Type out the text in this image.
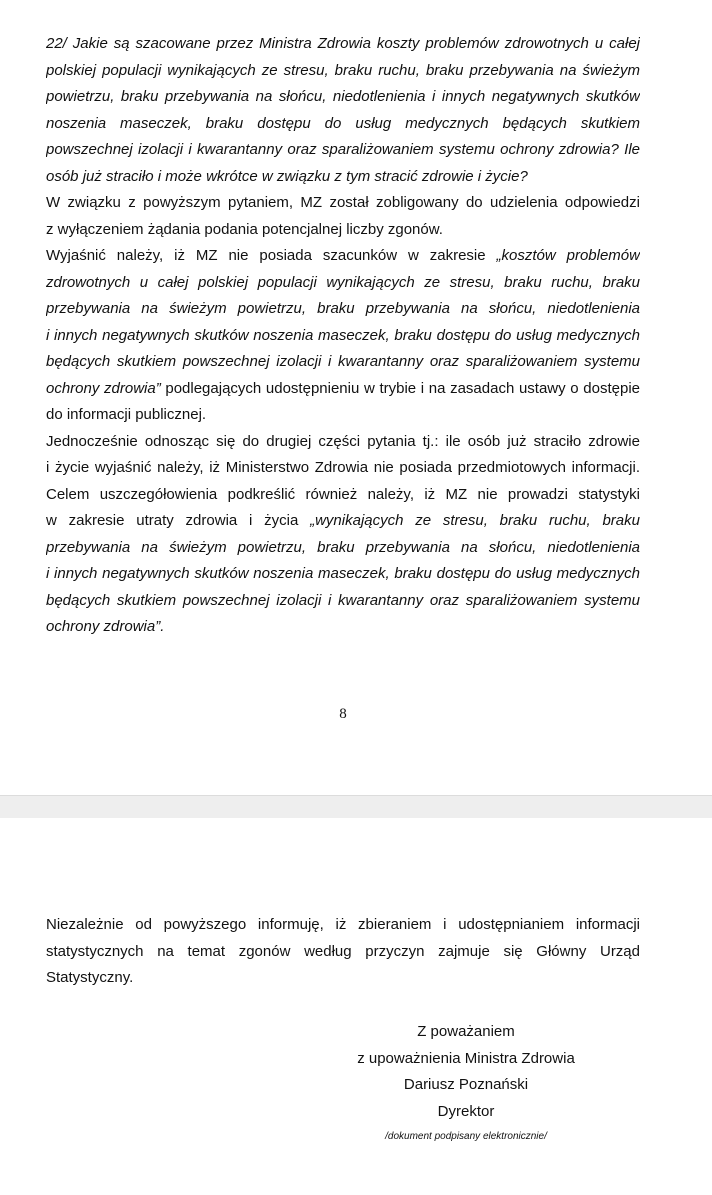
22/ Jakie są szacowane przez Ministra Zdrowia koszty problemów zdrowotnych u całej
polskiej populacji wynikających ze stresu, braku ruchu, braku przebywania na świeżym
powietrzu, braku przebywania na słońcu, niedotlenienia i innych negatywnych skutków
noszenia maseczek, braku dostępu do usług medycznych będących skutkiem
powszechnej izolacji i kwarantanny oraz sparaliżowaniem systemu ochrony zdrowia? Ile
osób już straciło i może wkrótce w związku z tym stracić zdrowie i życie?
W związku z powyższym pytaniem, MZ został zobligowany do udzielenia odpowiedzi
z wyłączeniem żądania podania potencjalnej liczby zgonów.
Wyjaśnić należy, iż MZ nie posiada szacunków w zakresie „kosztów problemów
zdrowotnych u całej polskiej populacji wynikających ze stresu, braku ruchu, braku
przebywania na świeżym powietrzu, braku przebywania na słońcu, niedotlenienia
i innych negatywnych skutków noszenia maseczek, braku dostępu do usług medycznych
będących skutkiem powszechnej izolacji i kwarantanny oraz sparaliżowaniem systemu
ochrony zdrowia” podlegających udostępnieniu w trybie i na zasadach ustawy o dostępie
do informacji publicznej.
Jednocześnie odnosząc się do drugiej części pytania tj.: ile osób już straciło zdrowie
i życie wyjaśnić należy, iż Ministerstwo Zdrowia nie posiada przedmiotowych informacji.
Celem uszczegółowienia podkreślić również należy, iż MZ nie prowadzi statystyki
w zakresie utraty zdrowia i życia „wynikających ze stresu, braku ruchu, braku
przebywania na świeżym powietrzu, braku przebywania na słońcu, niedotlenienia
i innych negatywnych skutków noszenia maseczek, braku dostępu do usług medycznych
będących skutkiem powszechnej izolacji i kwarantanny oraz sparaliżowaniem systemu
ochrony zdrowia”.
8
Niezależnie od powyższego informuję, iż zbieraniem i udostępnianiem informacji
statystycznych na temat zgonów według przyczyn zajmuje się Główny Urząd
Statystyczny.
Z poważaniem
z upoważnienia Ministra Zdrowia
Dariusz Poznański
Dyrektor
/dokument podpisany elektronicznie/
